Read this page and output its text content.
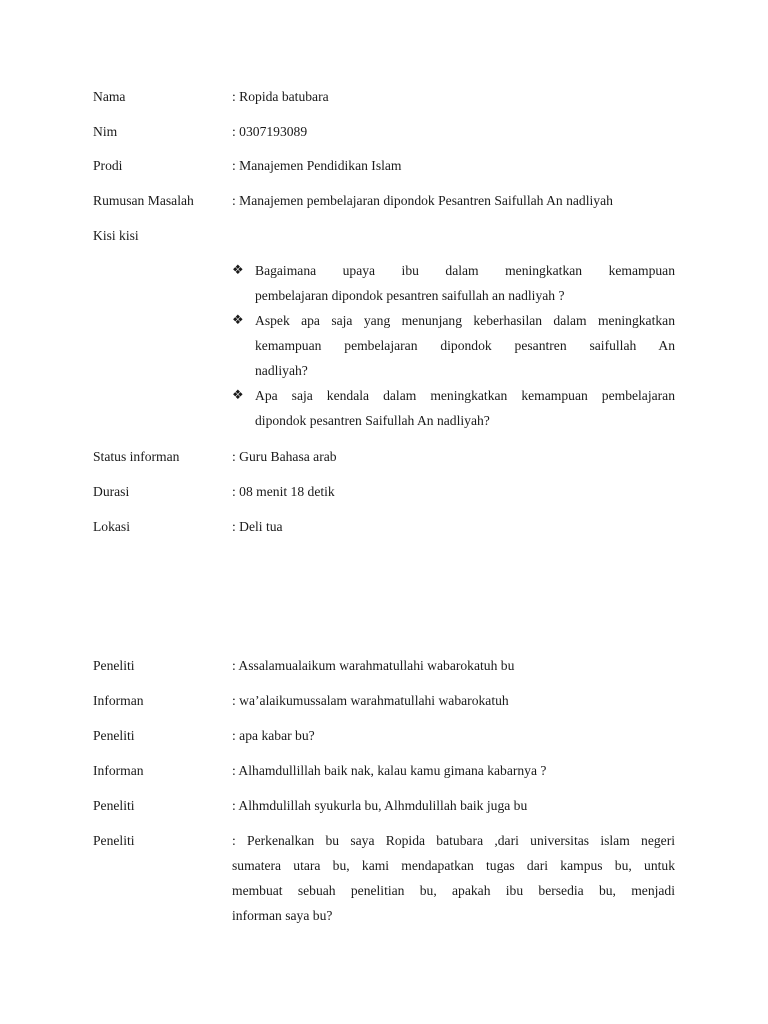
Nama	: Ropida batubara
Nim	: 0307193089
Prodi	: Manajemen Pendidikan Islam
Rumusan Masalah	: Manajemen pembelajaran dipondok Pesantren Saifullah An nadliyah
Kisi kisi
❖ Bagaimana upaya ibu dalam meningkatkan kemampuan
pembelajaran dipondok pesantren saifullah an nadliyah ?
❖ Aspek apa saja yang menunjang keberhasilan dalam meningkatkan
kemampuan pembelajaran dipondok pesantren saifullah An
nadliyah?
❖ Apa saja kendala dalam meningkatkan kemampuan pembelajaran
dipondok pesantren Saifullah An nadliyah?
Status informan	: Guru Bahasa arab
Durasi	: 08 menit 18 detik
Lokasi	: Deli tua
Peneliti	: Assalamualaikum warahmatullahi wabarokatuh bu
Informan	: wa’alaikumussalam warahmatullahi wabarokatuh
Peneliti	: apa kabar bu?
Informan	: Alhamdullillah baik nak, kalau kamu gimana kabarnya ?
Peneliti	: Alhmdulillah syukurla bu, Alhmdulillah baik juga bu
Peneliti	: Perkenalkan bu saya Ropida batubara ,dari universitas islam negeri
sumatera utara bu, kami mendapatkan tugas dari kampus bu, untuk
membuat sebuah penelitian bu, apakah ibu bersedia bu, menjadi
informan saya bu?
